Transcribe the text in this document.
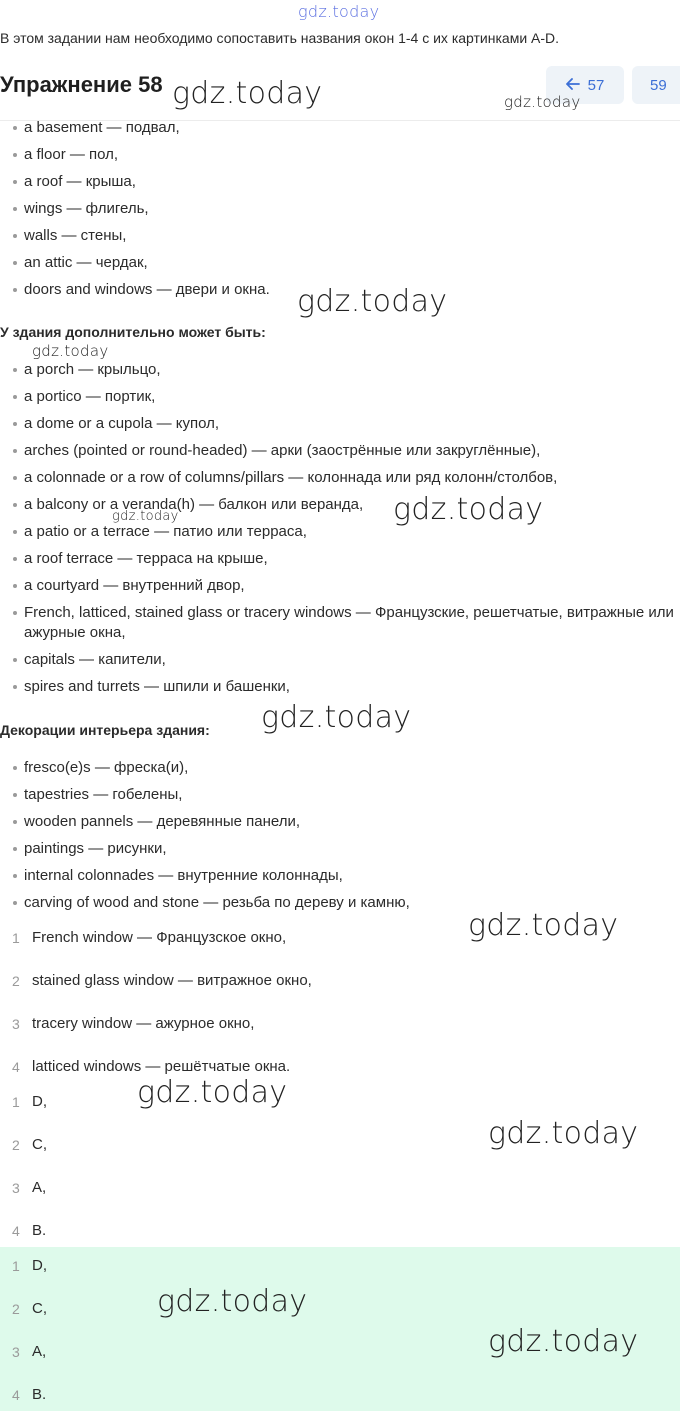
gdz.today
В этом задании нам необходимо сопоставить названия окон 1-4 с их картинками A-D.
Упражнение 58	57	59
a basement — подвал,
a floor — пол,
a roof — крыша,
wings — флигель,
walls — стены,
an attic — чердак,
doors and windows — двери и окна.
У здания дополнительно может быть:
a porch — крыльцо,
a portico — портик,
a dome or a cupola — купол,
arches (pointed or round-headed) — арки (заострённые или закруглённые),
a colonnade or a row of columns/pillars — колоннада или ряд колонн/столбов,
a balcony or a veranda(h) — балкон или веранда,
a patio or a terrace — патио или терраса,
a roof terrace — терраса на крыше,
a courtyard — внутренний двор,
French, latticed, stained glass or tracery windows — Французские, решетчатые, витражные или ажурные окна,
capitals — капители,
spires and turrets — шпили и башенки,
Декорации интерьера здания:
fresco(e)s — фреска(и),
tapestries — гобелены,
wooden pannels — деревянные панели,
paintings — рисунки,
internal colonnades — внутренние колоннады,
carving of wood and stone — резьба по дереву и камню,
1 French window — Французское окно,
2 stained glass window — витражное окно,
3 tracery window — ажурное окно,
4 latticed windows — решётчатые окна.
1 D,
2 C,
3 A,
4 B.
1 D,
2 C,
3 A,
4 B.
gdz.today	gdz.today
gdz.today
gdz.today
gdz.today
gdz.today
gdz.today
gdz.today
gdz.today
gdz.today
gdz.today
gdz.today
